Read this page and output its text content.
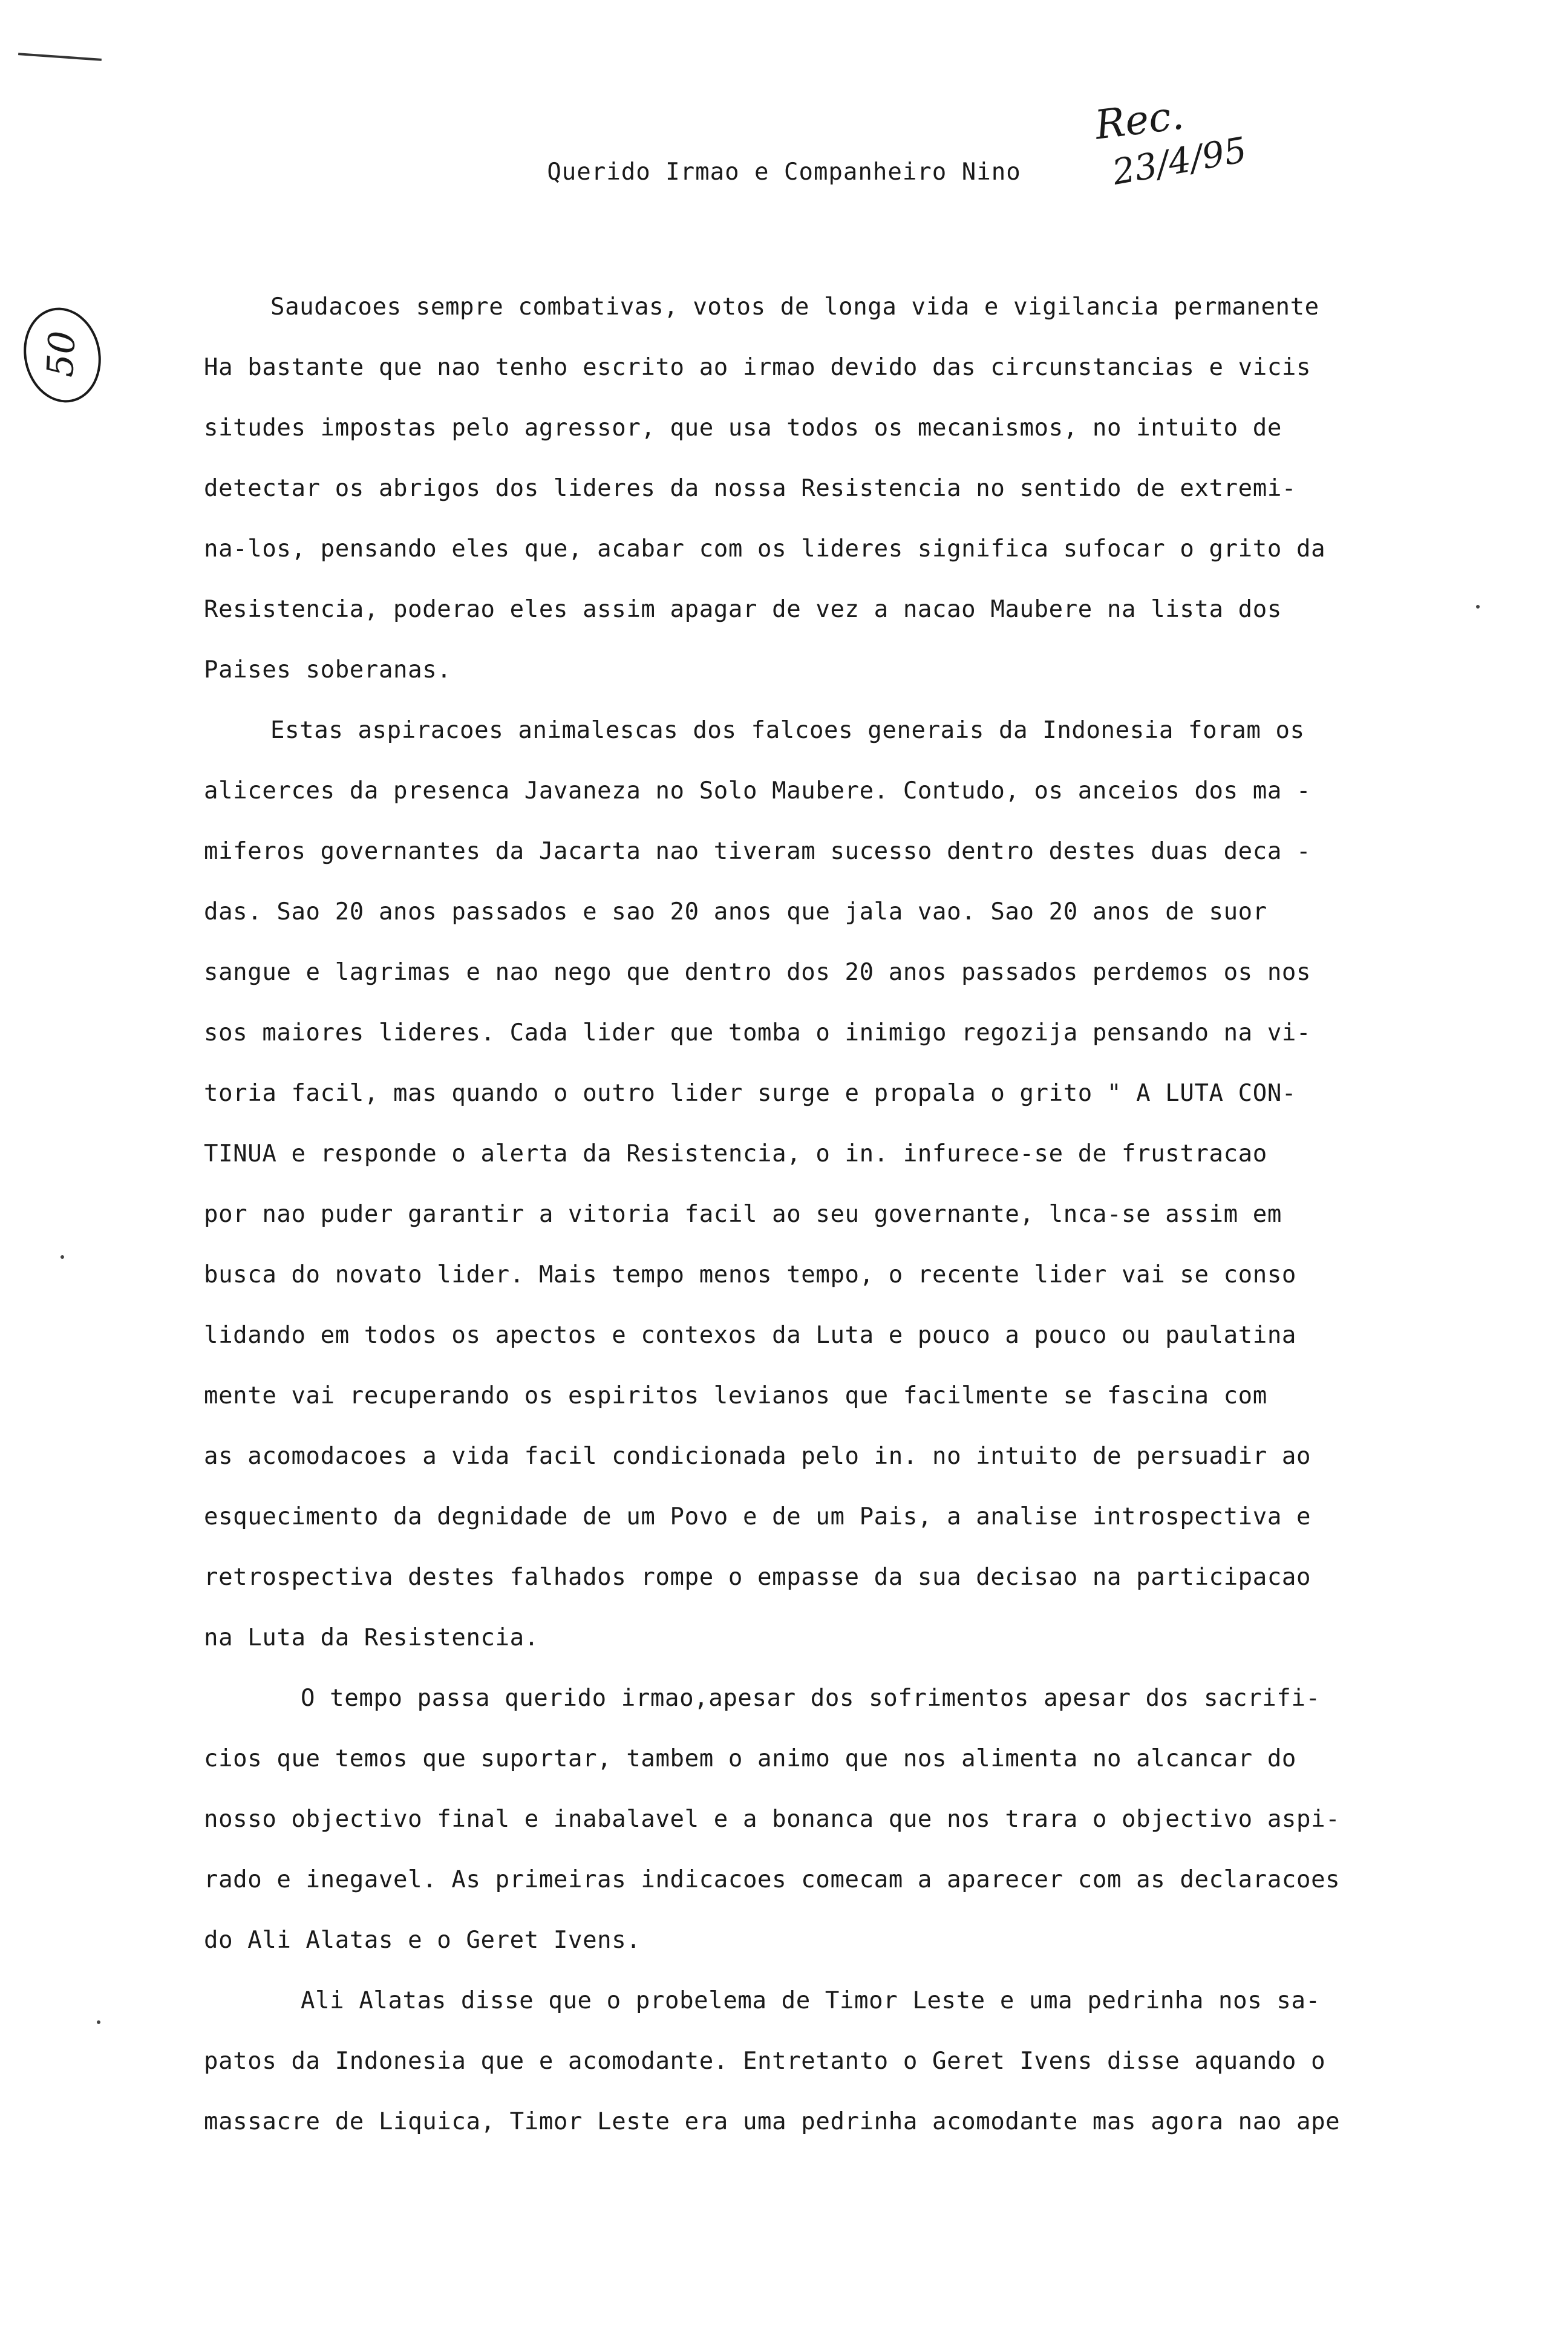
Querido Irmao e Companheiro Nino
Rec.
23/4/95
50
Saudacoes sempre combativas, votos de longa vida e vigilancia permanente
Ha bastante que nao tenho escrito ao irmao devido das circunstancias e vicis
situdes impostas pelo agressor, que usa todos os mecanismos, no intuito de
detectar os abrigos dos lideres da nossa Resistencia no sentido de extremi-
na-los, pensando eles que, acabar com os lideres significa sufocar o grito da
Resistencia, poderao eles assim apagar de vez a nacao Maubere na lista dos
Paises soberanas.
Estas aspiracoes animalescas dos falcoes generais da Indonesia foram os
alicerces da presenca Javaneza no Solo Maubere. Contudo, os anceios dos ma -
miferos governantes da Jacarta nao tiveram sucesso dentro destes duas deca -
das. Sao 20 anos passados e sao 20 anos que jala vao. Sao 20 anos de suor
sangue e lagrimas e nao nego que dentro dos 20 anos passados perdemos os nos
sos maiores lideres. Cada lider que tomba o inimigo regozija pensando na vi-
toria facil, mas quando o outro lider surge e propala o grito " A LUTA CON-
TINUA e responde o alerta da Resistencia, o in. infurece-se de frustracao
por nao puder garantir a vitoria facil ao seu governante, lnca-se assim em
busca do novato lider. Mais tempo menos tempo, o recente lider vai se conso
lidando em todos os apectos e contexos da Luta e pouco a pouco ou paulatina
mente vai recuperando os espiritos levianos que facilmente se fascina com
as acomodacoes a vida facil condicionada pelo in. no intuito de persuadir ao
esquecimento da degnidade de um Povo e de um Pais, a analise introspectiva e
retrospectiva destes falhados rompe o empasse da sua decisao na participacao
na Luta da Resistencia.
O tempo passa querido irmao,apesar dos sofrimentos apesar dos sacrifi-
cios que temos que suportar, tambem o animo que nos alimenta no alcancar do
nosso objectivo final e inabalavel e a bonanca que nos trara o objectivo aspi-
rado e inegavel. As primeiras indicacoes comecam a aparecer com as declaracoes
do Ali Alatas e o Geret Ivens.
Ali Alatas disse que o probelema de Timor Leste e uma pedrinha nos sa-
patos da Indonesia que e acomodante. Entretanto o Geret Ivens disse aquando o
massacre de Liquica, Timor Leste era uma pedrinha acomodante mas agora nao ape
